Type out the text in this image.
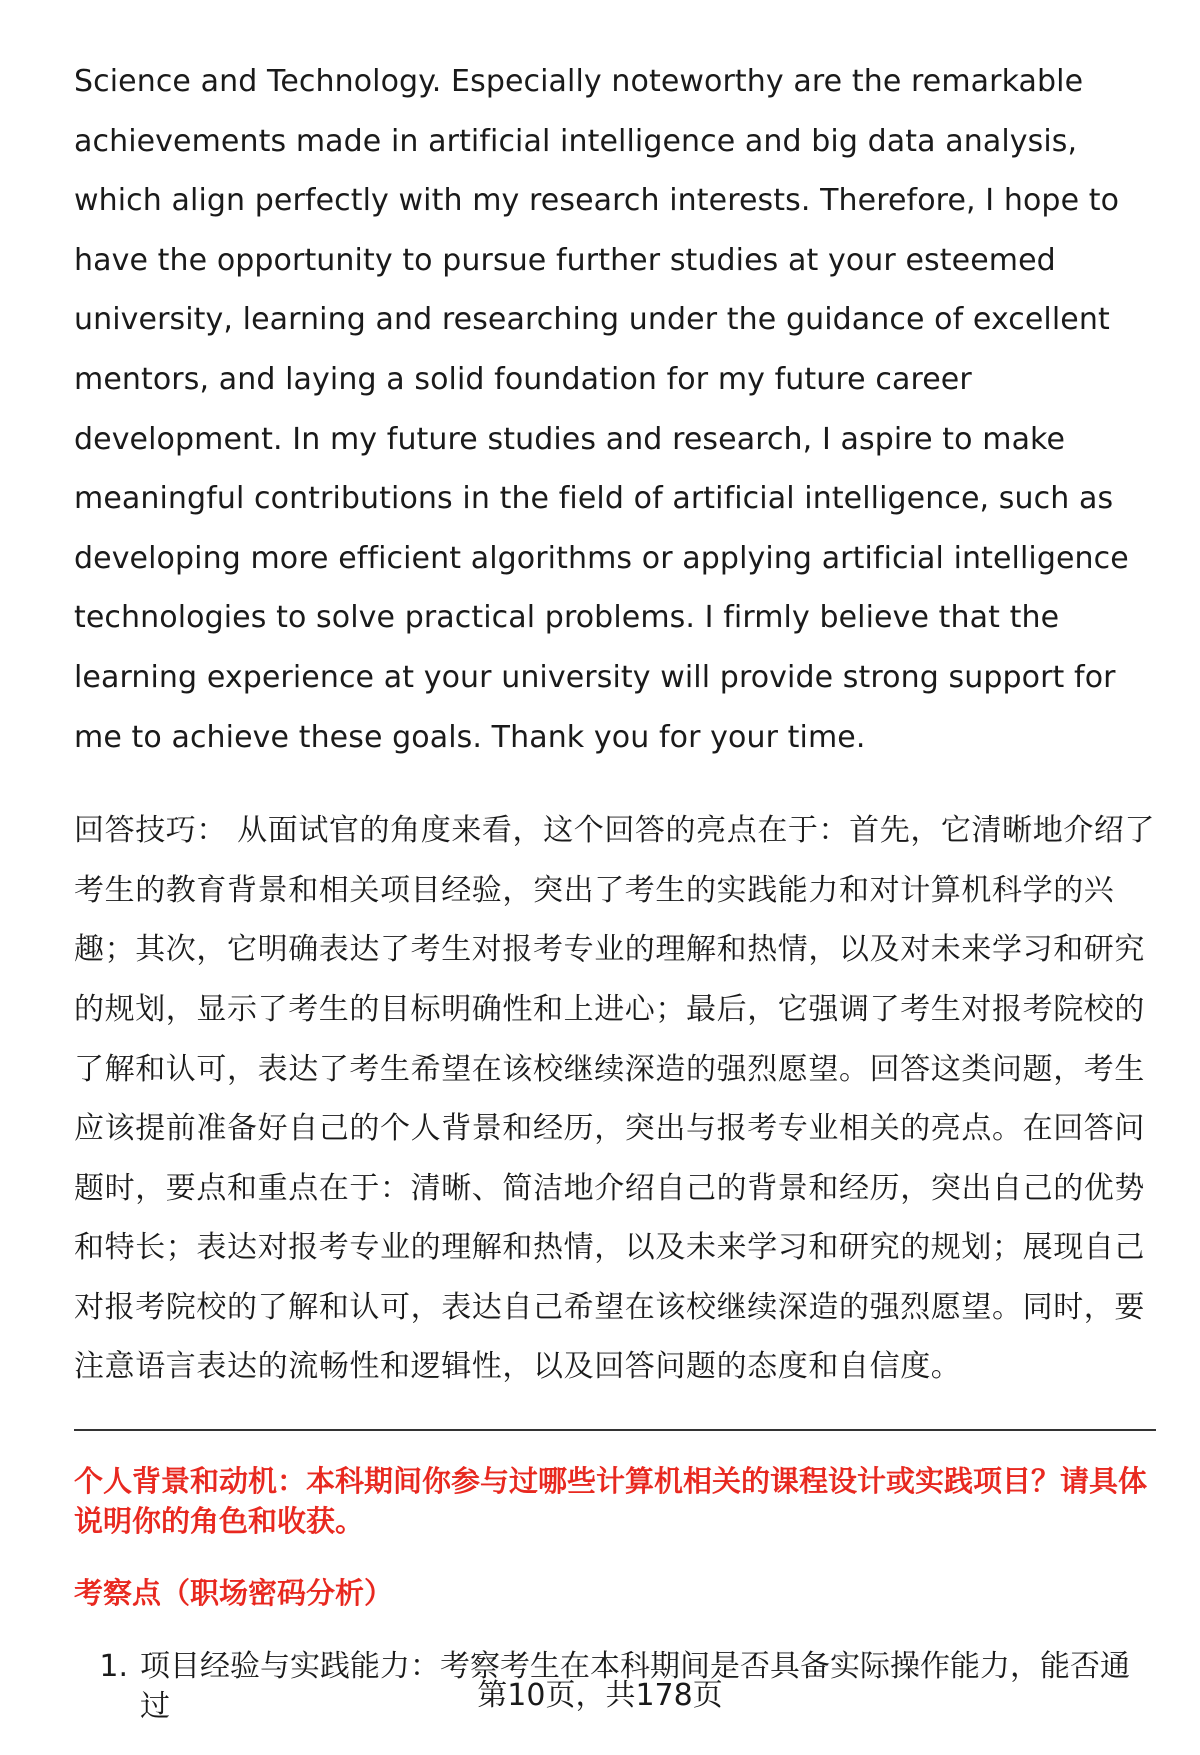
Science and Technology. Especially noteworthy are the remarkable achievements made in artificial intelligence and big data analysis, which align perfectly with my research interests. Therefore, I hope to have the opportunity to pursue further studies at your esteemed university, learning and researching under the guidance of excellent mentors, and laying a solid foundation for my future career development. In my future studies and research, I aspire to make meaningful contributions in the field of artificial intelligence, such as developing more efficient algorithms or applying artificial intelligence technologies to solve practical problems. I firmly believe that the learning experience at your university will provide strong support for me to achieve these goals. Thank you for your time.

回答技巧： 从面试官的角度来看，这个回答的亮点在于：首先，它清晰地介绍了考生的教育背景和相关项目经验，突出了考生的实践能力和对计算机科学的兴趣；其次，它明确表达了考生对报考专业的理解和热情，以及对未来学习和研究的规划，显示了考生的目标明确性和上进心；最后，它强调了考生对报考院校的了解和认可，表达了考生希望在该校继续深造的强烈愿望。回答这类问题，考生应该提前准备好自己的个人背景和经历，突出与报考专业相关的亮点。在回答问题时，要点和重点在于：清晰、简洁地介绍自己的背景和经历，突出自己的优势和特长；表达对报考专业的理解和热情，以及未来学习和研究的规划；展现自己对报考院校的了解和认可，表达自己希望在该校继续深造的强烈愿望。同时，要注意语言表达的流畅性和逻辑性，以及回答问题的态度和自信度。

个人背景和动机：本科期间你参与过哪些计算机相关的课程设计或实践项目？请具体说明你的角色和收获。
考察点（职场密码分析）
1. 项目经验与实践能力：考察考生在本科期间是否具备实际操作能力，能否通过	第10页，共178页
